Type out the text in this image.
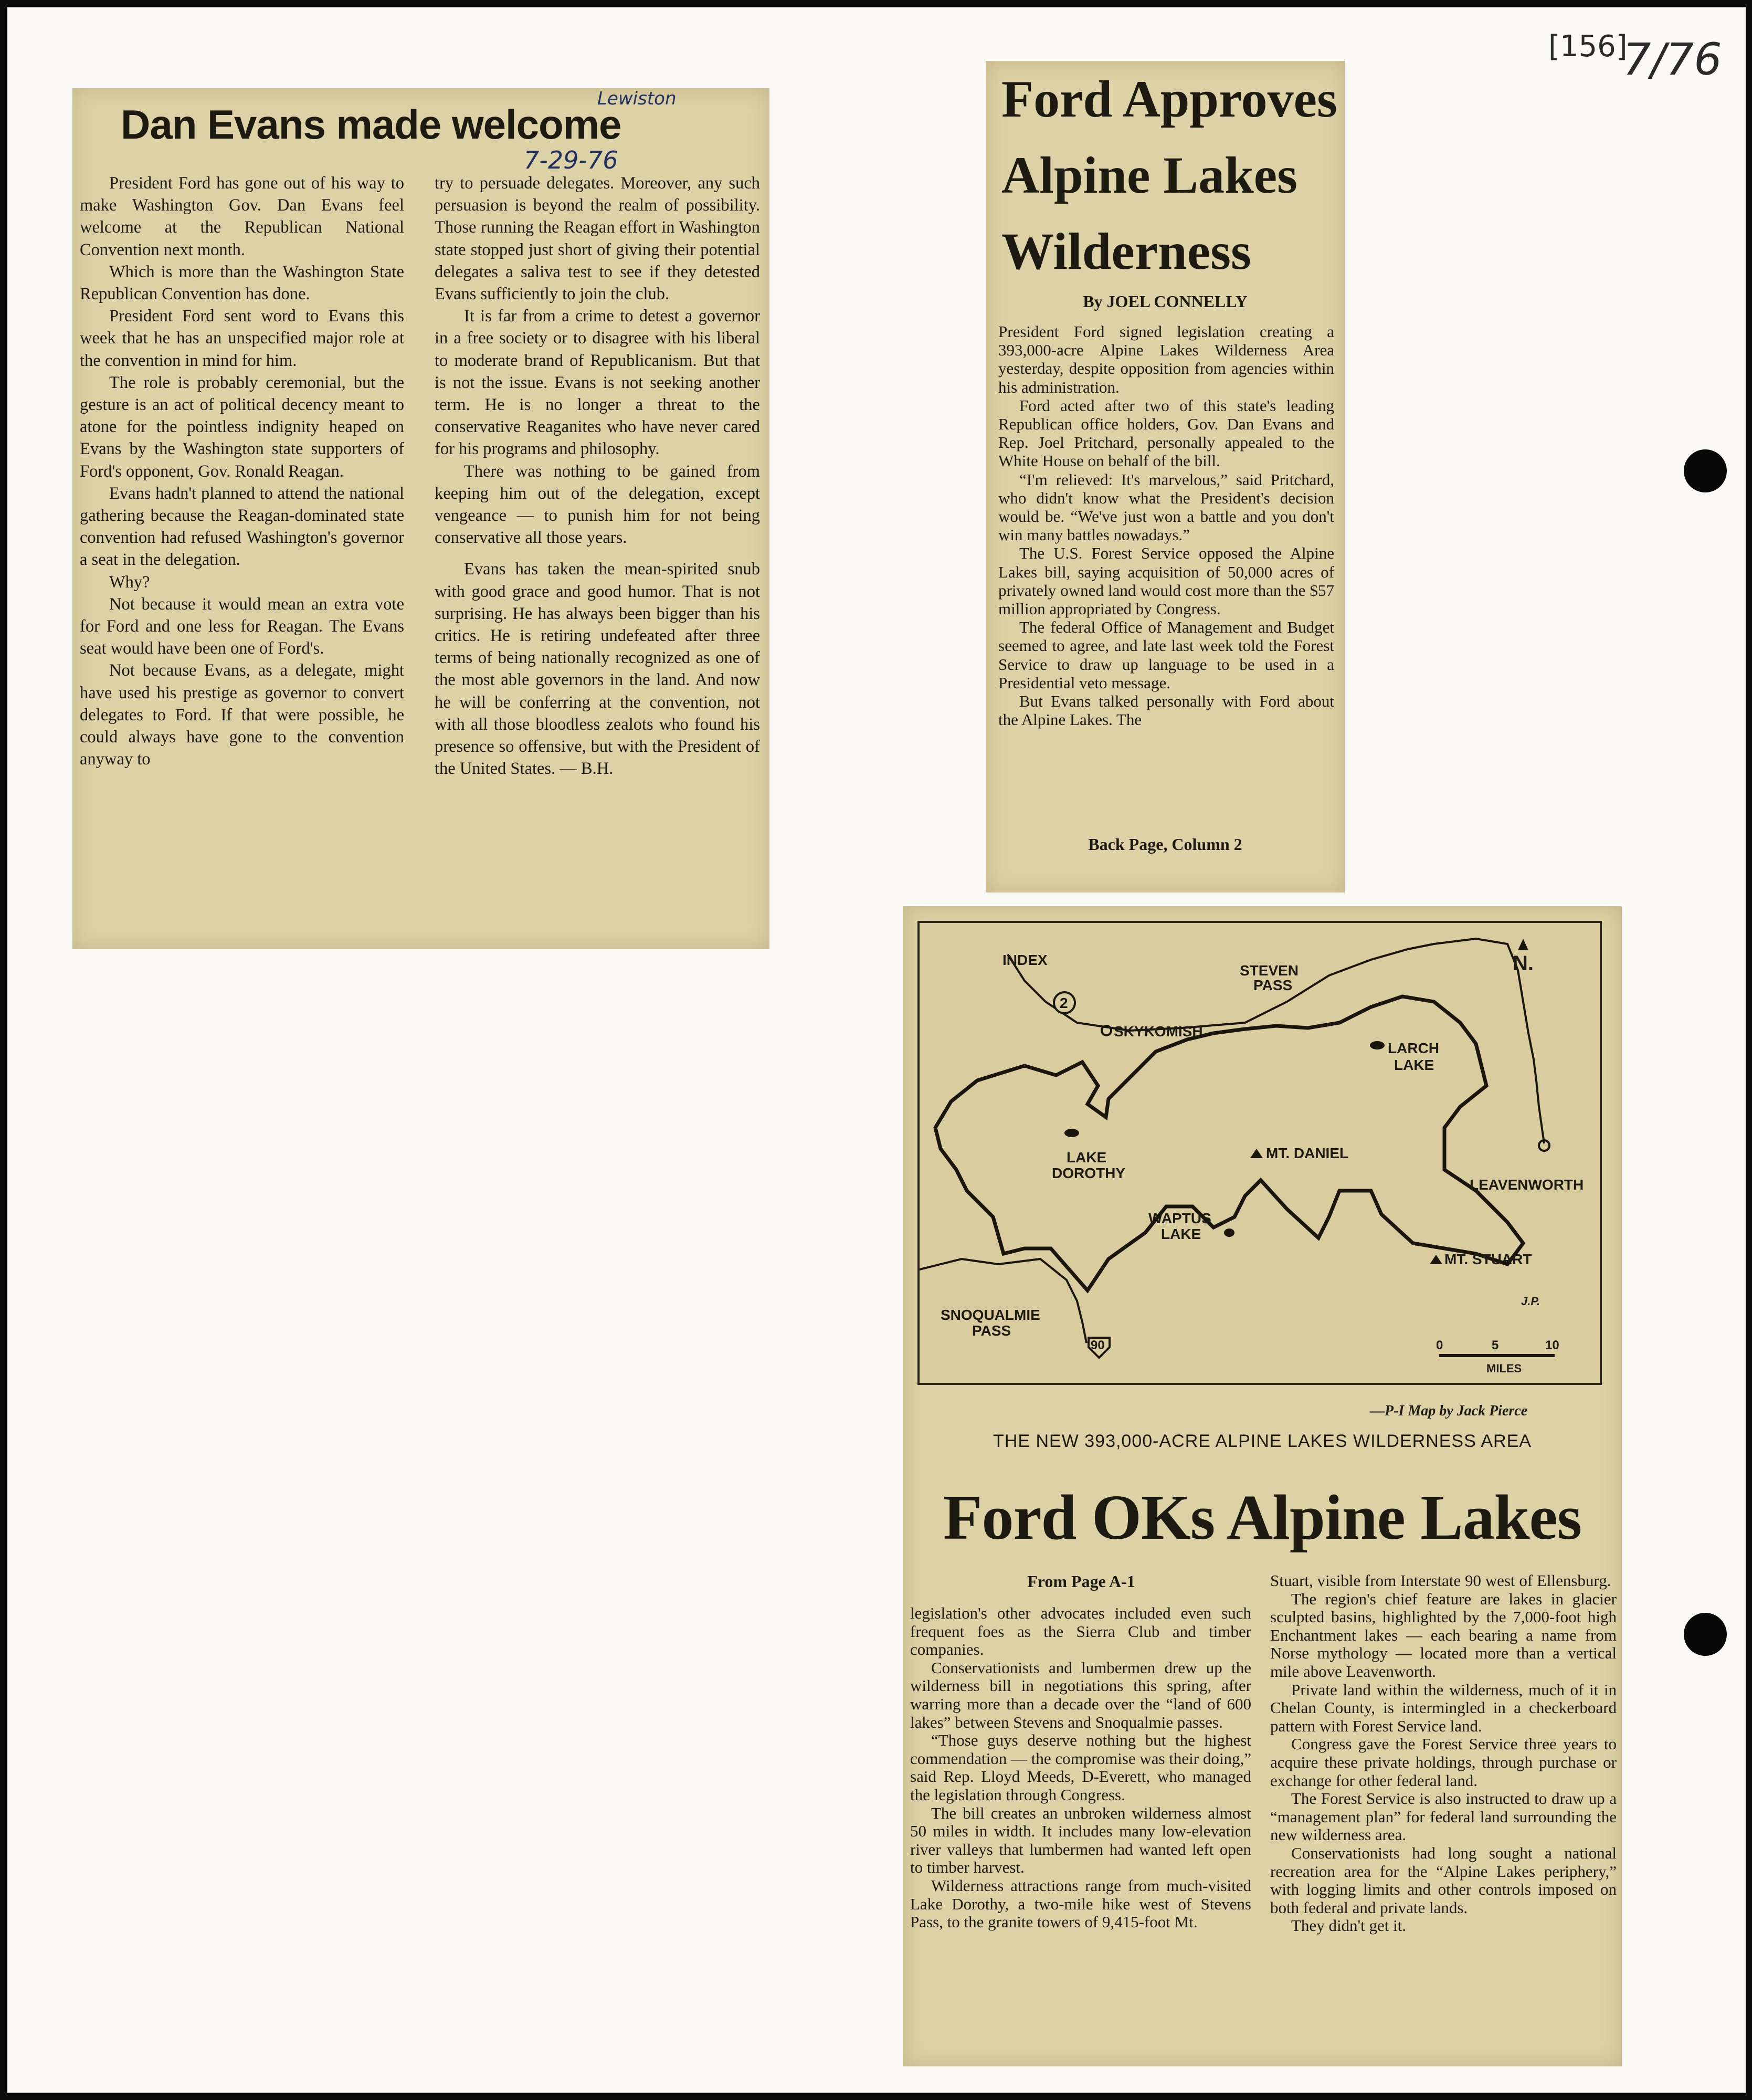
[156]
7/76
Dan Evans made welcome
Lewiston
7-29-76

President Ford has gone out of his way to make Washington Gov. Dan Evans feel welcome at the Republican National Convention next month.

Which is more than the Washington State Republican Convention has done.

President Ford sent word to Evans this week that he has an unspecified major role at the convention in mind for him.

The role is probably ceremonial, but the gesture is an act of political decency meant to atone for the pointless indignity heaped on Evans by the Washington state supporters of Ford's opponent, Gov. Ronald Reagan.

Evans hadn't planned to attend the national gathering because the Reagan-dominated state convention had refused Washington's governor a seat in the delegation.

Why?

Not because it would mean an extra vote for Ford and one less for Reagan. The Evans seat would have been one of Ford's.

Not because Evans, as a delegate, might have used his prestige as governor to convert delegates to Ford. If that were possible, he could always have gone to the convention anyway to

try to persuade delegates. Moreover, any such persuasion is beyond the realm of possibility. Those running the Reagan effort in Washington state stopped just short of giving their potential delegates a saliva test to see if they detested Evans sufficiently to join the club.

It is far from a crime to detest a governor in a free society or to disagree with his liberal to moderate brand of Republicanism. But that is not the issue. Evans is not seeking another term. He is no longer a threat to the conservative Reaganites who have never cared for his programs and philosophy.

There was nothing to be gained from keeping him out of the delegation, except vengeance — to punish him for not being conservative all those years.

Evans has taken the mean-spirited snub with good grace and good humor. That is not surprising. He has always been bigger than his critics. He is retiring undefeated after three terms of being nationally recognized as one of the most able governors in the land. And now he will be conferring at the convention, not with all those bloodless zealots who found his presence so offensive, but with the President of the United States. — B.H.

Ford Approves
Alpine Lakes
Wilderness
By JOEL CONNELLY

President Ford signed legislation creating a 393,000-acre Alpine Lakes Wilderness Area yesterday, despite opposition from agencies within his administration.

Ford acted after two of this state's leading Republican office holders, Gov. Dan Evans and Rep. Joel Pritchard, personally appealed to the White House on behalf of the bill.

“I'm relieved: It's marvelous,” said Pritchard, who didn't know what the President's decision would be. “We've just won a battle and you don't win many battles nowadays.”

The U.S. Forest Service opposed the Alpine Lakes bill, saying acquisition of 50,000 acres of privately owned land would cost more than the $57 million appropriated by Congress.

The federal Office of Management and Budget seemed to agree, and late last week told the Forest Service to draw up language to be used in a Presidential veto message.

But Evans talked personally with Ford about the Alpine Lakes. The

Back Page, Column 2
INDEX
STEVEN
PASS
SKYKOMISH
LARCH
LAKE
N.
LAKE
DOROTHY
MT. DANIEL
LEAVENWORTH
WAPTUS
LAKE
MT. STUART
SNOQUALMIE
PASS
2
90	0	5	10
MILES
J.P.
—P-I Map by Jack Pierce
THE NEW 393,000-ACRE ALPINE LAKES WILDERNESS AREA
Ford OKs Alpine Lakes
From Page A-1

legislation's other advocates included even such frequent foes as the Sierra Club and timber companies.

Conservationists and lumbermen drew up the wilderness bill in negotiations this spring, after warring more than a decade over the “land of 600 lakes” between Stevens and Snoqualmie passes.

“Those guys deserve nothing but the highest commendation — the compromise was their doing,” said Rep. Lloyd Meeds, D-Everett, who managed the legislation through Congress.

The bill creates an unbroken wilderness almost 50 miles in width. It includes many low-elevation river valleys that lumbermen had wanted left open to timber harvest.

Wilderness attractions range from much-visited Lake Dorothy, a two-mile hike west of Stevens Pass, to the granite towers of 9,415-foot Mt.

Stuart, visible from Interstate 90 west of Ellensburg.

The region's chief feature are lakes in glacier sculpted basins, highlighted by the 7,000-foot high Enchantment lakes — each bearing a name from Norse mythology — located more than a vertical mile above Leavenworth.

Private land within the wilderness, much of it in Chelan County, is intermingled in a checkerboard pattern with Forest Service land.

Congress gave the Forest Service three years to acquire these private holdings, through purchase or exchange for other federal land.

The Forest Service is also instructed to draw up a “management plan” for federal land surrounding the new wilderness area.

Conservationists had long sought a national recreation area for the “Alpine Lakes periphery,” with logging limits and other controls imposed on both federal and private lands.

They didn't get it.
